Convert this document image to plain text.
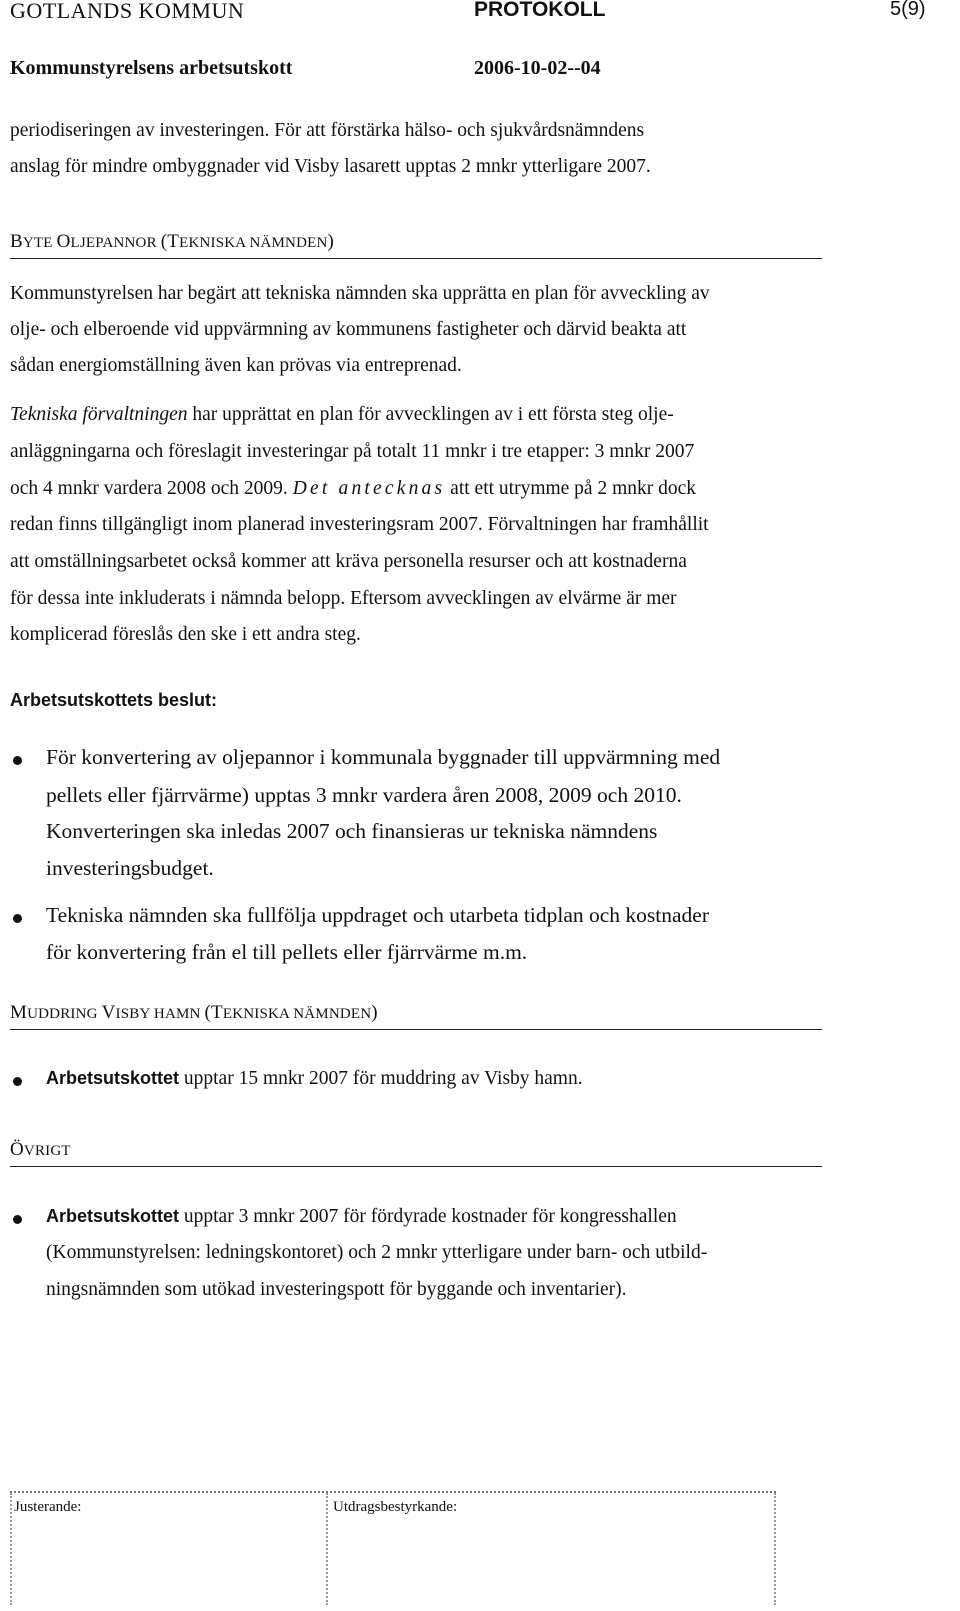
GOTLANDS KOMMUN	PROTOKOLL	5(9)
Kommunstyrelsens arbetsutskott	2006-10-02--04
periodiseringen av investeringen. För att förstärka hälso- och sjukvårdsnämndens
anslag för mindre ombyggnader vid Visby lasarett upptas 2 mnkr ytterligare 2007.
BYTE OLJEPANNOR (TEKNISKA NÄMNDEN)
Kommunstyrelsen har begärt att tekniska nämnden ska upprätta en plan för avveckling av
olje- och elberoende vid uppvärmning av kommunens fastigheter och därvid beakta att
sådan energiomställning även kan prövas via entreprenad.
Tekniska förvaltningen har upprättat en plan för avvecklingen av i ett första steg olje-
anläggningarna och föreslagit investeringar på totalt 11 mnkr i tre etapper: 3 mnkr 2007
och 4 mnkr vardera 2008 och 2009. Det antecknas att ett utrymme på 2 mnkr dock
redan finns tillgängligt inom planerad investeringsram 2007. Förvaltningen har framhållit
att omställningsarbetet också kommer att kräva personella resurser och att kostnaderna
för dessa inte inkluderats i nämnda belopp. Eftersom avvecklingen av elvärme är mer
komplicerad föreslås den ske i ett andra steg.
Arbetsutskottets beslut:
För konvertering av oljepannor i kommunala byggnader till uppvärmning med
pellets eller fjärrvärme) upptas 3 mnkr vardera åren 2008, 2009 och 2010.
Konverteringen ska inledas 2007 och finansieras ur tekniska nämndens
investeringsbudget.
Tekniska nämnden ska fullfölja uppdraget och utarbeta tidplan och kostnader
för konvertering från el till pellets eller fjärrvärme m.m.
MUDDRING VISBY HAMN (TEKNISKA NÄMNDEN)
Arbetsutskottet upptar 15 mnkr 2007 för muddring av Visby hamn.
ÖVRIGT
Arbetsutskottet upptar 3 mnkr 2007 för fördyrade kostnader för kongresshallen
(Kommunstyrelsen: ledningskontoret) och 2 mnkr ytterligare under barn- och utbild-
ningsnämnden som utökad investeringspott för byggande och inventarier).
Justerande:	Utdragsbestyrkande:
